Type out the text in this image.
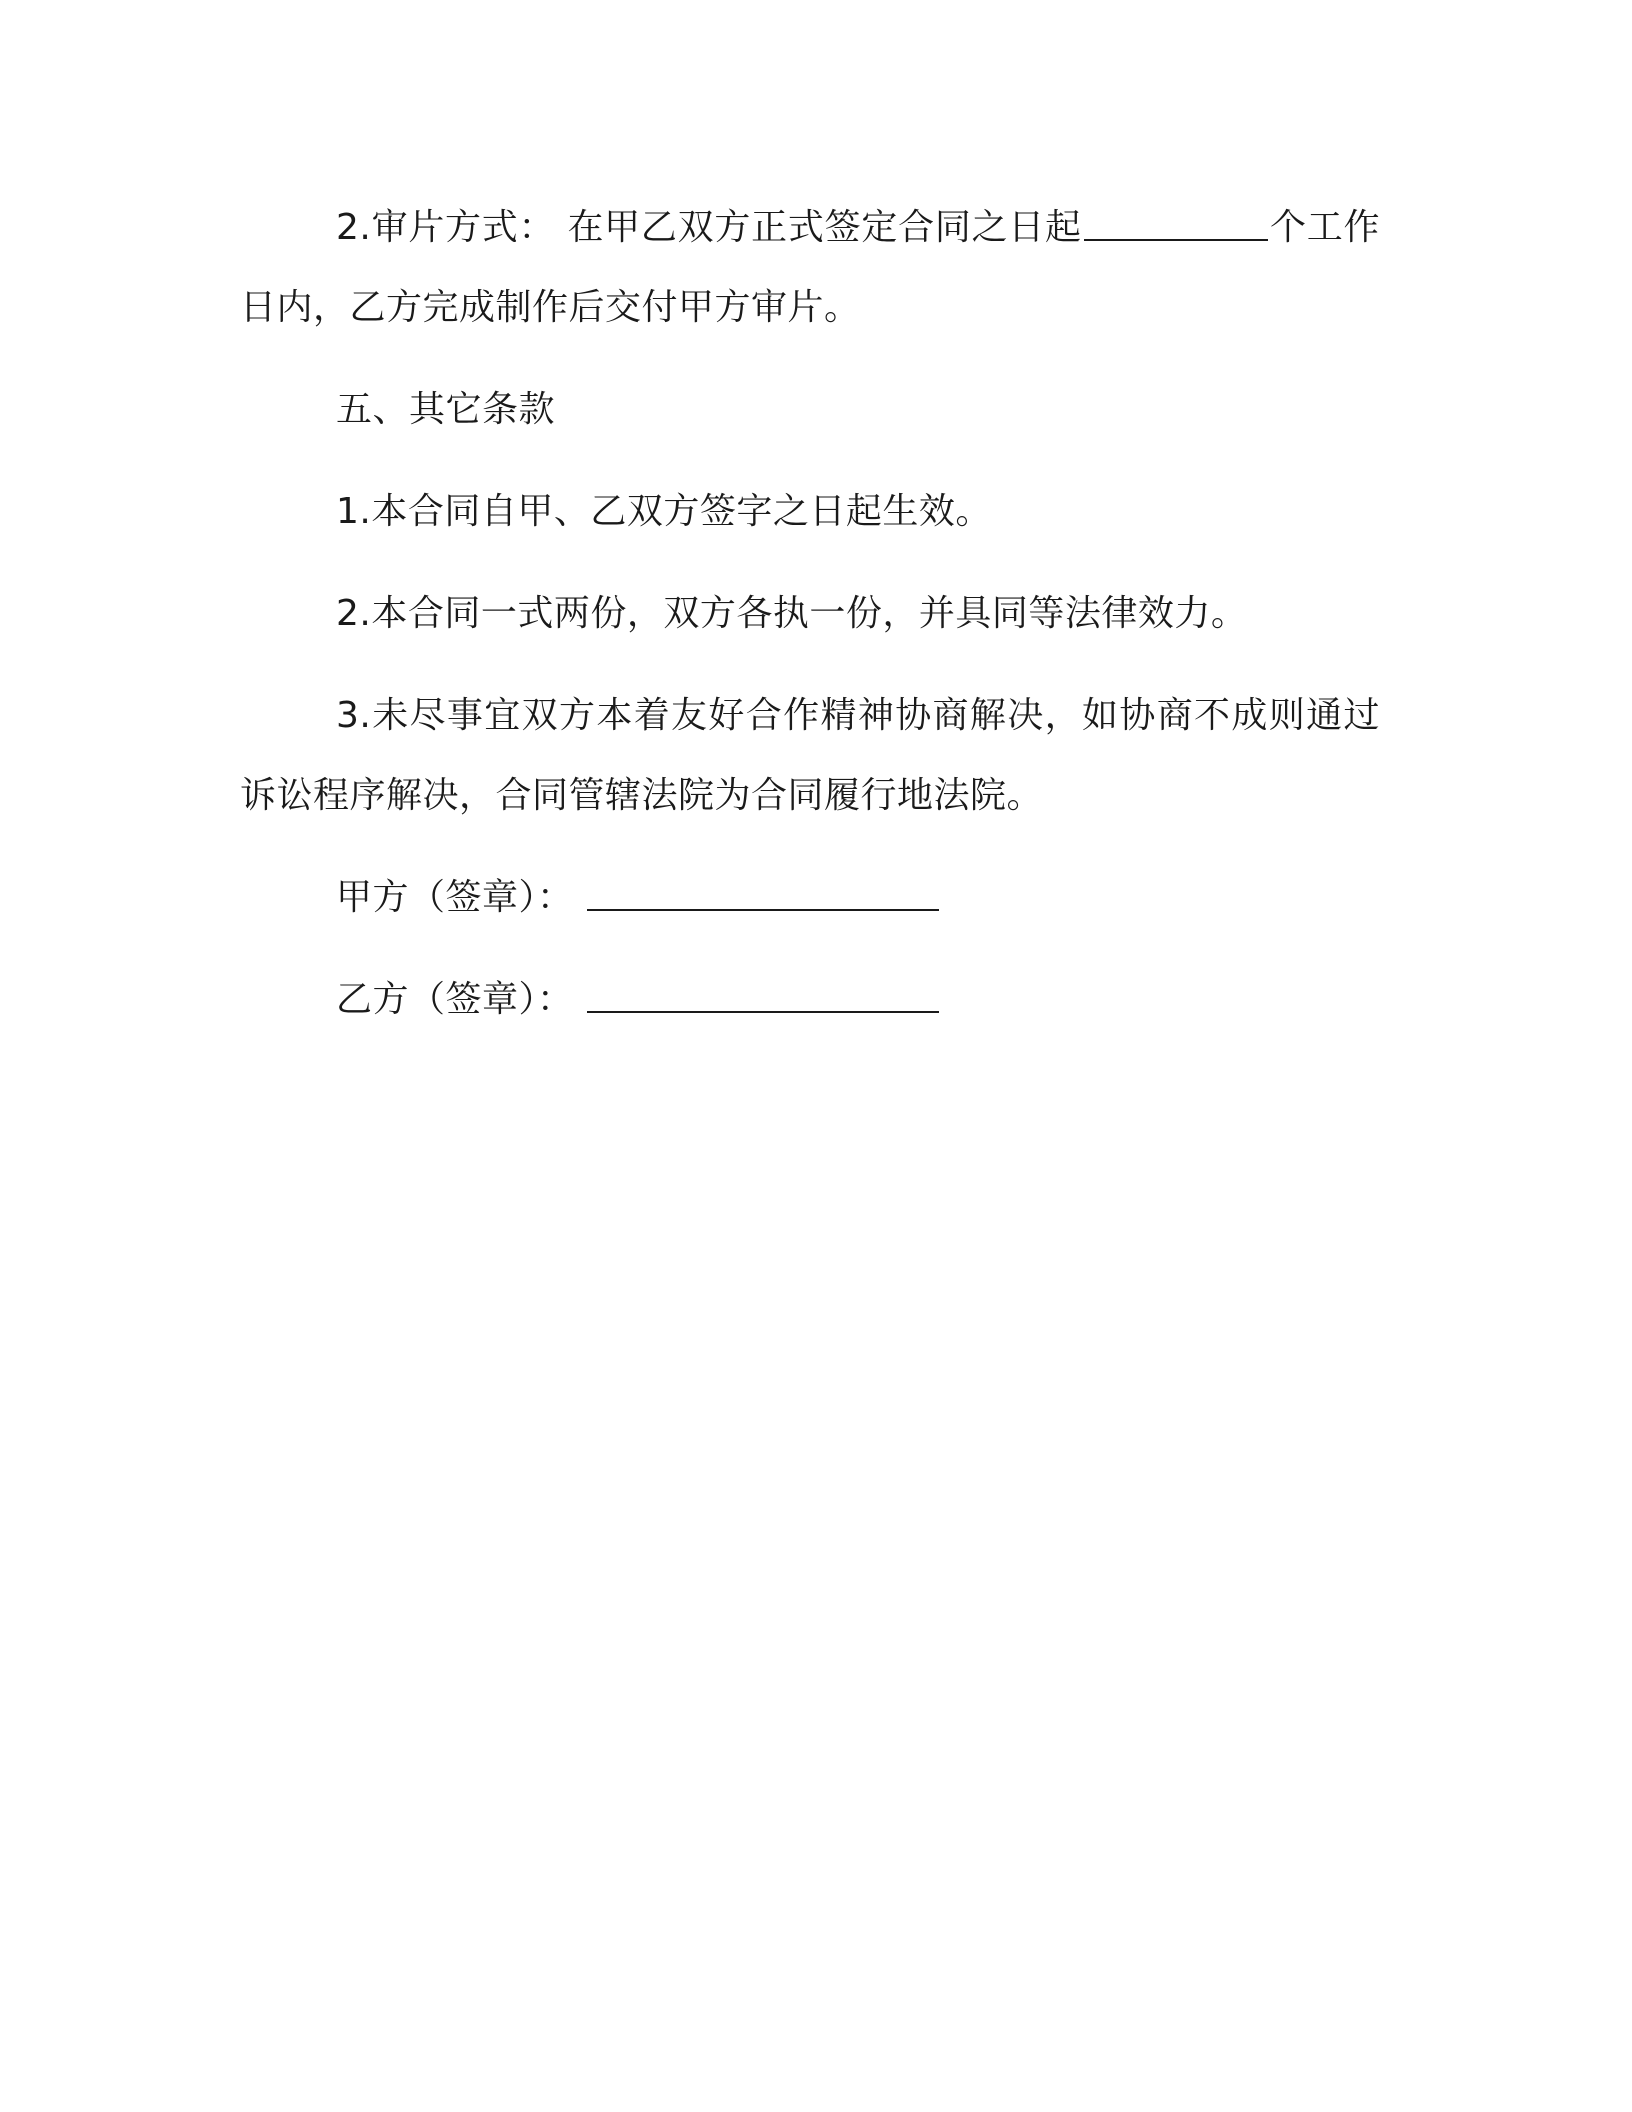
2.审片方式： 在甲乙双方正式签定合同之日起	个工作日内，乙方完成制作后交付甲方审片。

五、其它条款

1.本合同自甲、乙双方签字之日起生效。

2.本合同一式两份，双方各执一份，并具同等法律效力。

3.未尽事宜双方本着友好合作精神协商解决，如协商不成则通过诉讼程序解决，合同管辖法院为合同履行地法院。

甲方（签章）：

乙方（签章）：
